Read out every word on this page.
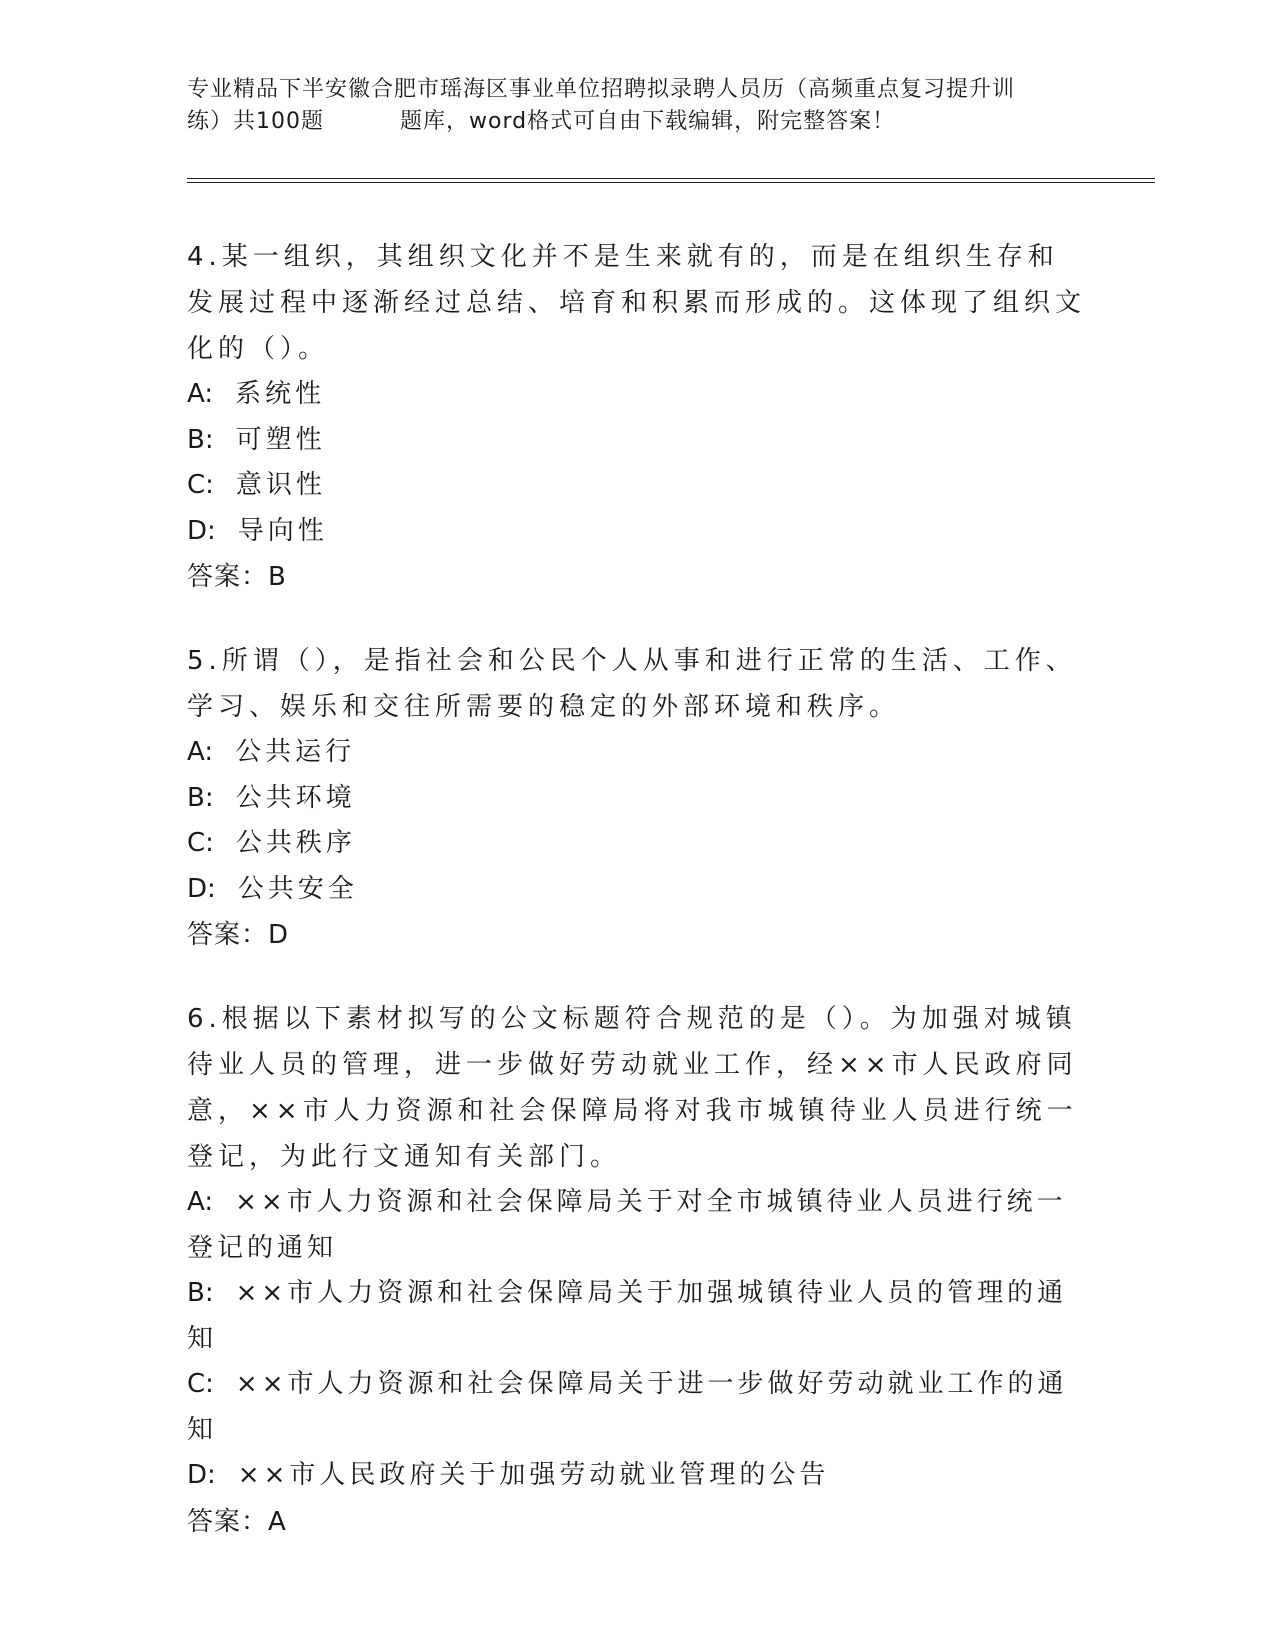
专业精品下半安徽合肥市瑶海区事业单位招聘拟录聘人员历（高频重点复习提升训
练）共100题	题库，word格式可自由下载编辑，附完整答案！

4.某一组织，其组织文化并不是生来就有的，而是在组织生存和发展过程中逐渐经过总结、培育和积累而形成的。这体现了组织文化的（）。

A: 系统性

B: 可塑性

C: 意识性

D: 导向性

答案：B

5.所谓（），是指社会和公民个人从事和进行正常的生活、工作、学习、娱乐和交往所需要的稳定的外部环境和秩序。

A: 公共运行

B: 公共环境

C: 公共秩序

D: 公共安全

答案：D

6.根据以下素材拟写的公文标题符合规范的是（）。为加强对城镇待业人员的管理，进一步做好劳动就业工作，经××市人民政府同意，××市人力资源和社会保障局将对我市城镇待业人员进行统一登记，为此行文通知有关部门。

A: ××市人力资源和社会保障局关于对全市城镇待业人员进行统一登记的通知

B: ××市人力资源和社会保障局关于加强城镇待业人员的管理的通知

C: ××市人力资源和社会保障局关于进一步做好劳动就业工作的通知

D: ××市人民政府关于加强劳动就业管理的公告

答案：A
